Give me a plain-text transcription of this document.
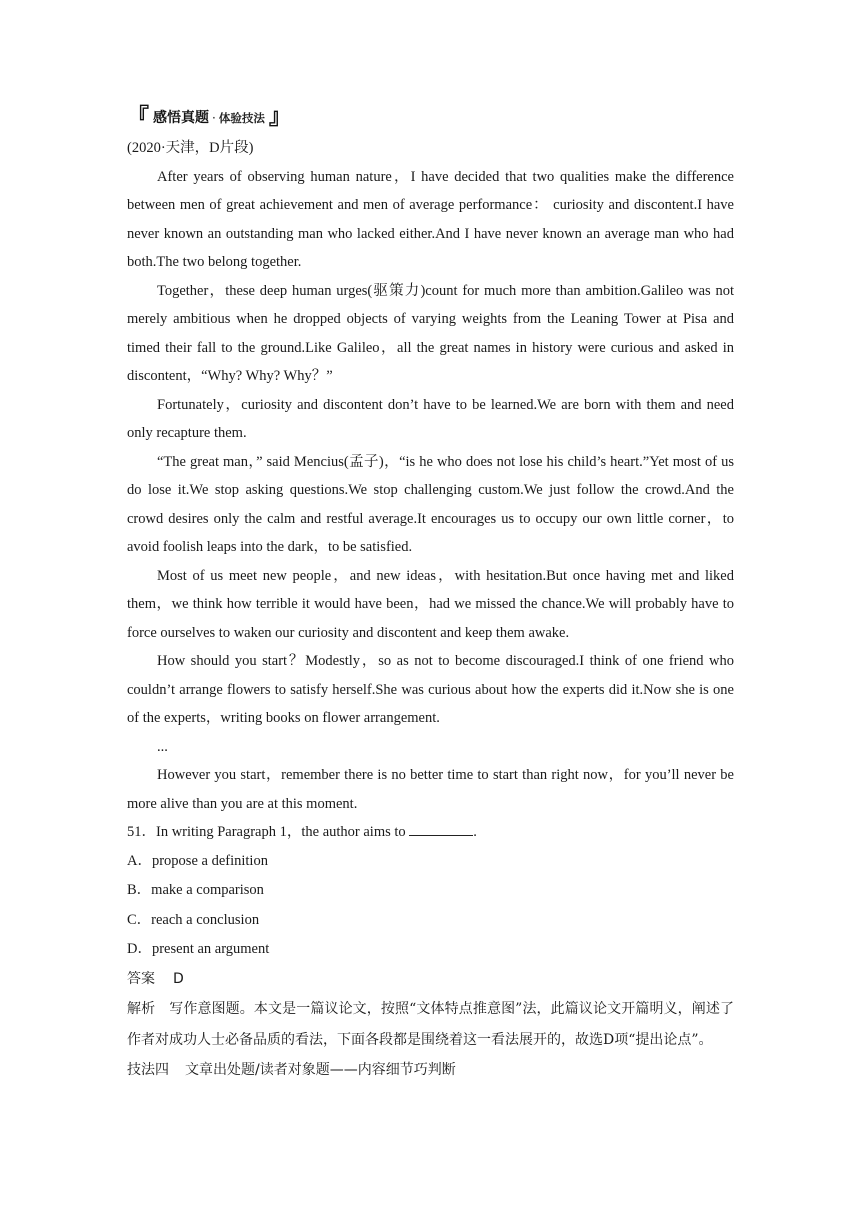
『 感悟真题 · 体验技法 』

(2020·天津，D片段)

After years of observing human nature，I have decided that two qualities make the difference between men of great achievement and men of average performance： curiosity and discontent.I have never known an outstanding man who lacked either.And I have never known an average man who had both.The two belong together.

Together，these deep human urges(驱策力)count for much more than ambition.Galileo was not merely ambitious when he dropped objects of varying weights from the Leaning Tower at Pisa and timed their fall to the ground.Like Galileo，all the great names in history were curious and asked in discontent，“Why? Why? Why？”

Fortunately，curiosity and discontent don’t have to be learned.We are born with them and need only recapture them.

“The great man，” said Mencius(孟子)，“is he who does not lose his child’s heart.”Yet most of us do lose it.We stop asking questions.We stop challenging custom.We just follow the crowd.And the crowd desires only the calm and restful average.It encourages us to occupy our own little corner，to avoid foolish leaps into the dark，to be satisfied.

Most of us meet new people，and new ideas，with hesitation.But once having met and liked them，we think how terrible it would have been，had we missed the chance.We will probably have to force ourselves to waken our curiosity and discontent and keep them awake.

How should you start？Modestly，so as not to become discouraged.I think of one friend who couldn’t arrange flowers to satisfy herself.She was curious about how the experts did it.Now she is one of the experts，writing books on flower arrangement.

...

However you start，remember there is no better time to start than right now，for you’ll never be more alive than you are at this moment.

51．In writing Paragraph 1，the author aims to	.

A．propose a definition

B．make a comparison

C．reach a conclusion

D．present an argument

答案 D

解析 写作意图题。本文是一篇议论文，按照“文体特点推意图”法，此篇议论文开篇明义，阐述了作者对成功人士必备品质的看法，下面各段都是围绕着这一看法展开的，故选D项“提出论点”。

技法四 文章出处题/读者对象题——内容细节巧判断
